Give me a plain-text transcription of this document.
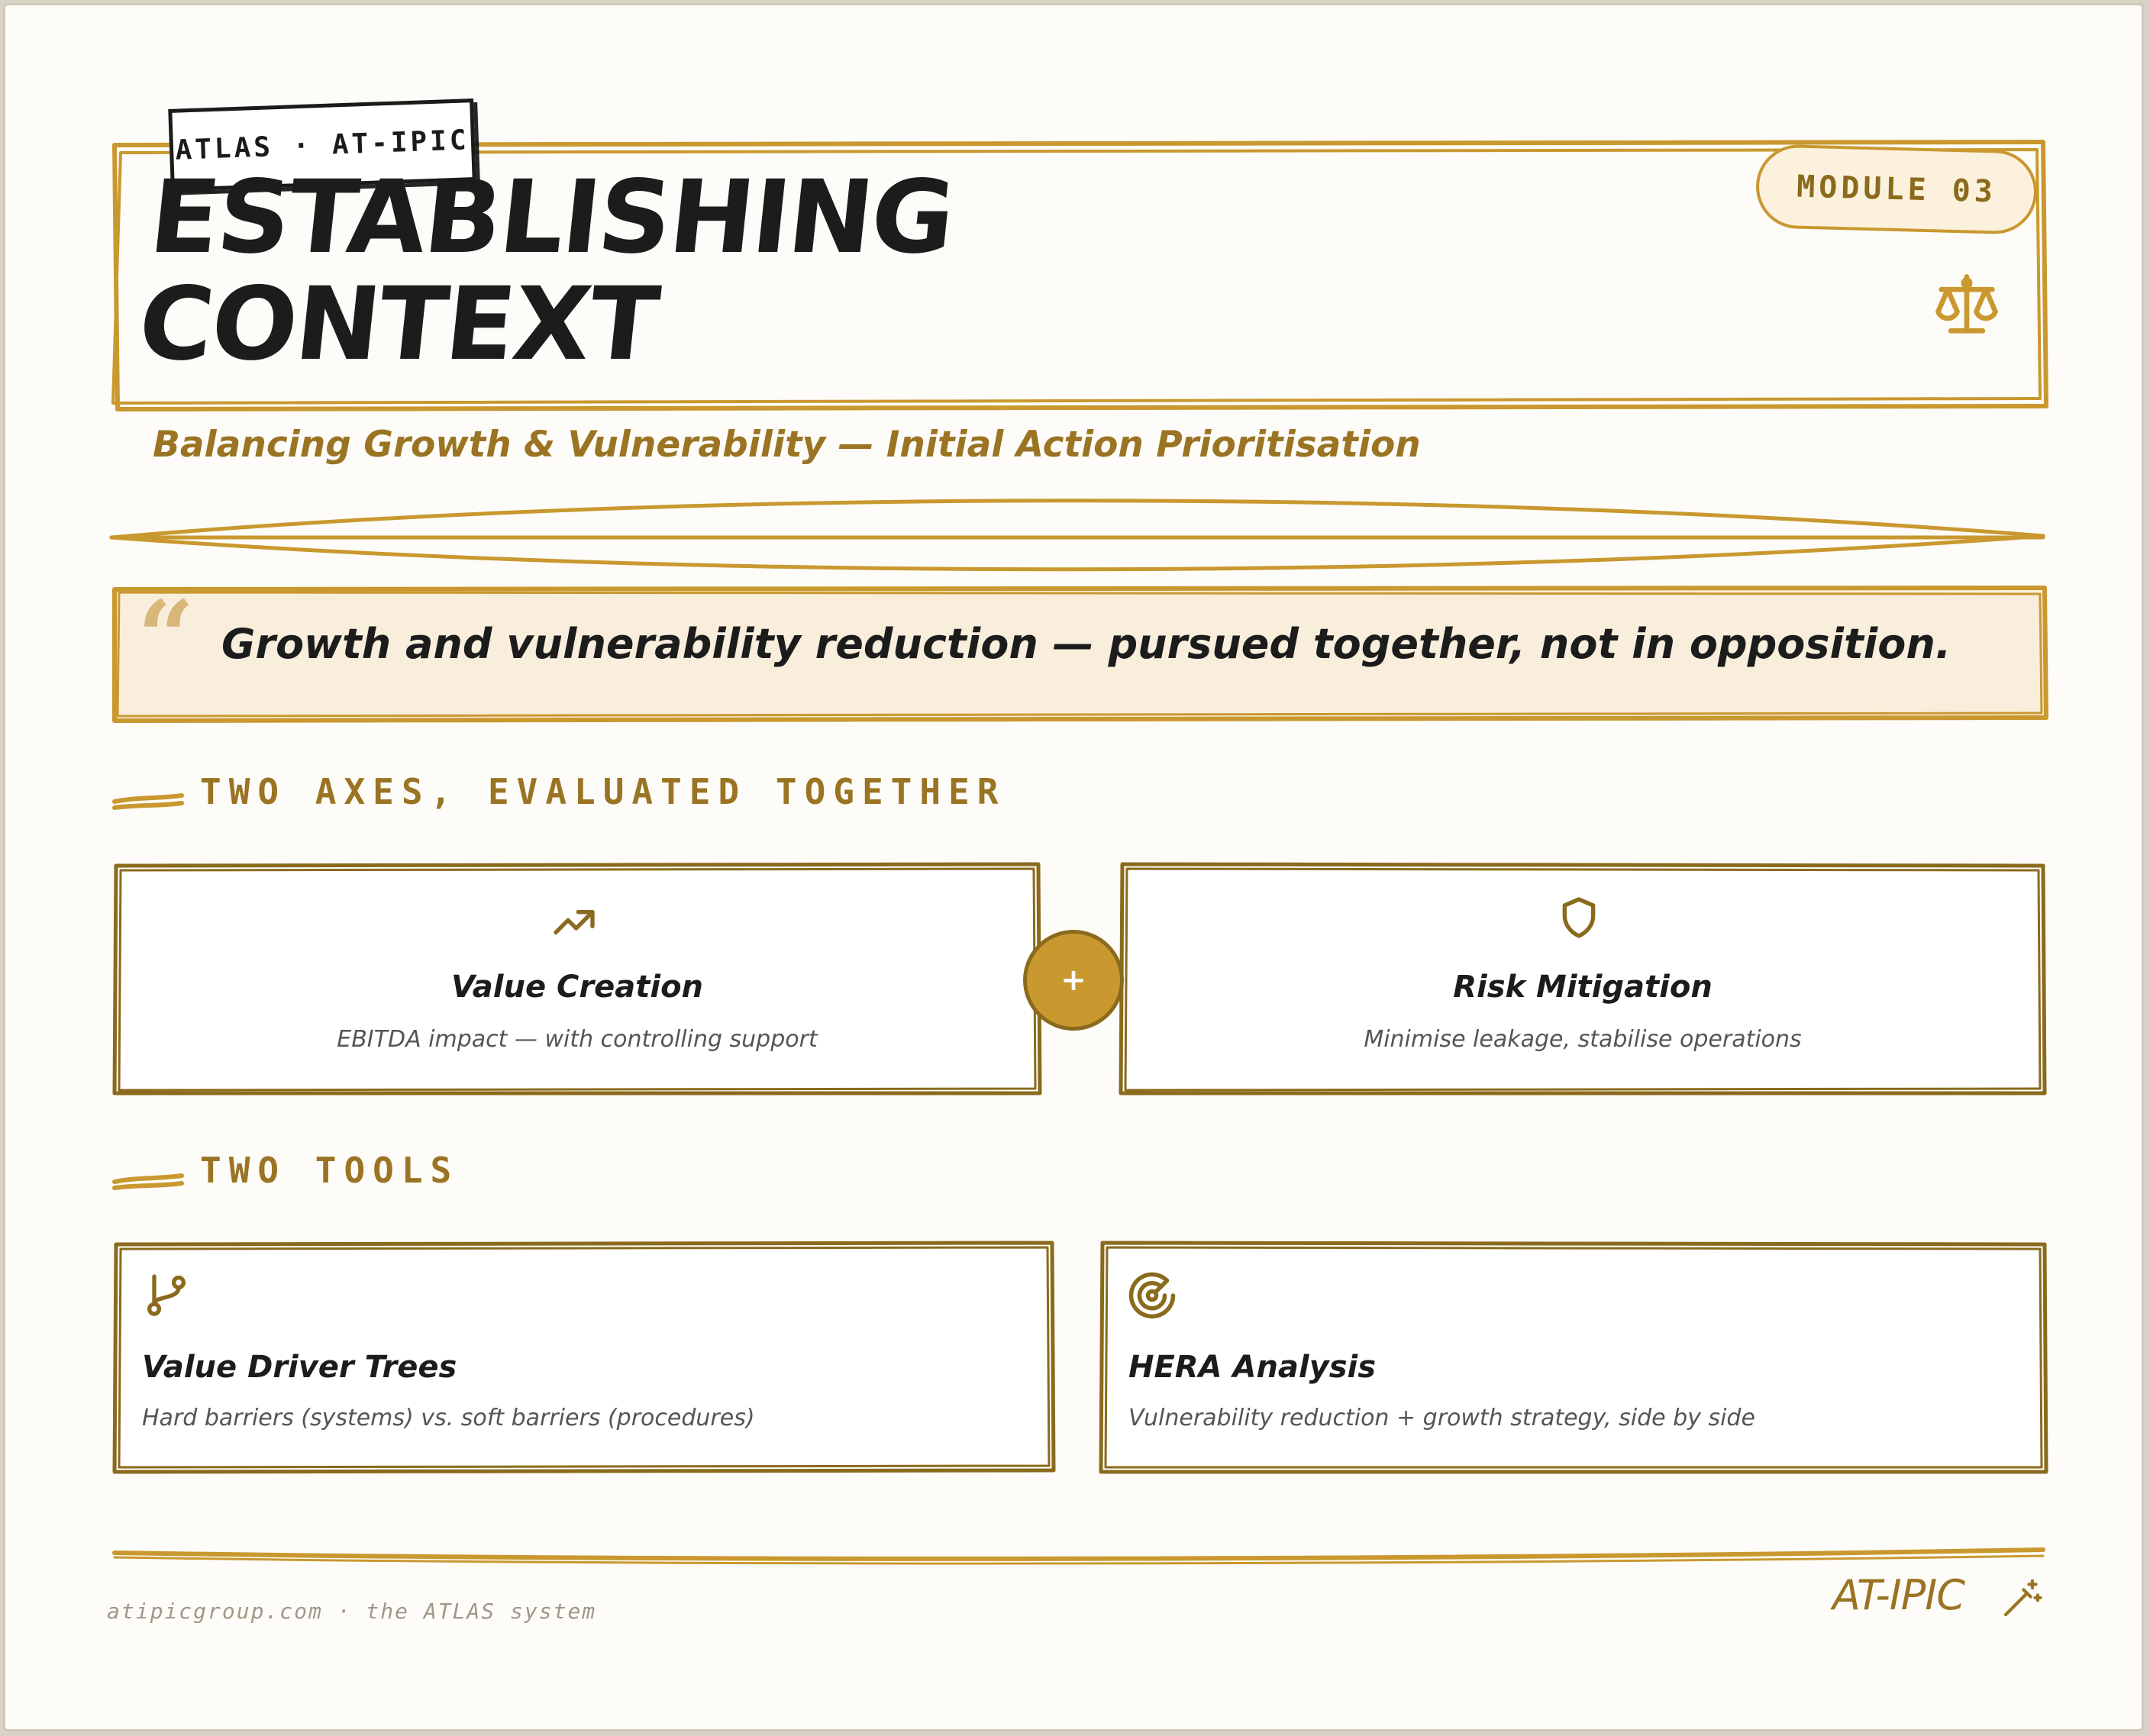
ATLAS · AT-IPIC
ESTABLISHING
CONTEXT
MODULE 03
Balancing Growth & Vulnerability — Initial Action Prioritisation
“ Growth and vulnerability reduction — pursued together, not in opposition.
TWO AXES, EVALUATED TOGETHER
Value Creation
EBITDA impact — with controlling support
Risk Mitigation
Minimise leakage, stabilise operations
+
TWO TOOLS
Value Driver Trees
Hard barriers (systems) vs. soft barriers (procedures)
HERA Analysis
Vulnerability reduction + growth strategy, side by side
atipicgroup.com · the ATLAS system	AT-IPIC
